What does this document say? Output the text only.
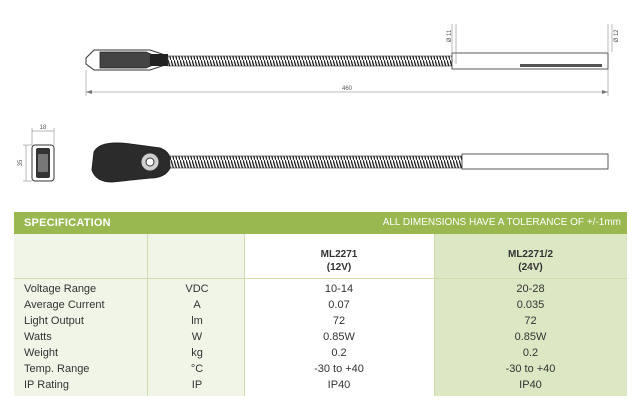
460
Ø 11	Ø 12
18
35
SPECIFICATION	ALL DIMENSIONS HAVE A TOLERANCE OF +/-1mm
ML2271
(12V)
ML2271/2
(24V)
Voltage Range	VDC	10-14	20-28
Average Current	A	0.07	0.035
Light Output	lm	72	72
Watts	W	0.85W	0.85W
Weight	kg	0.2	0.2
Temp. Range	°C	-30 to +40	-30 to +40
IP Rating	IP	IP40	IP40
